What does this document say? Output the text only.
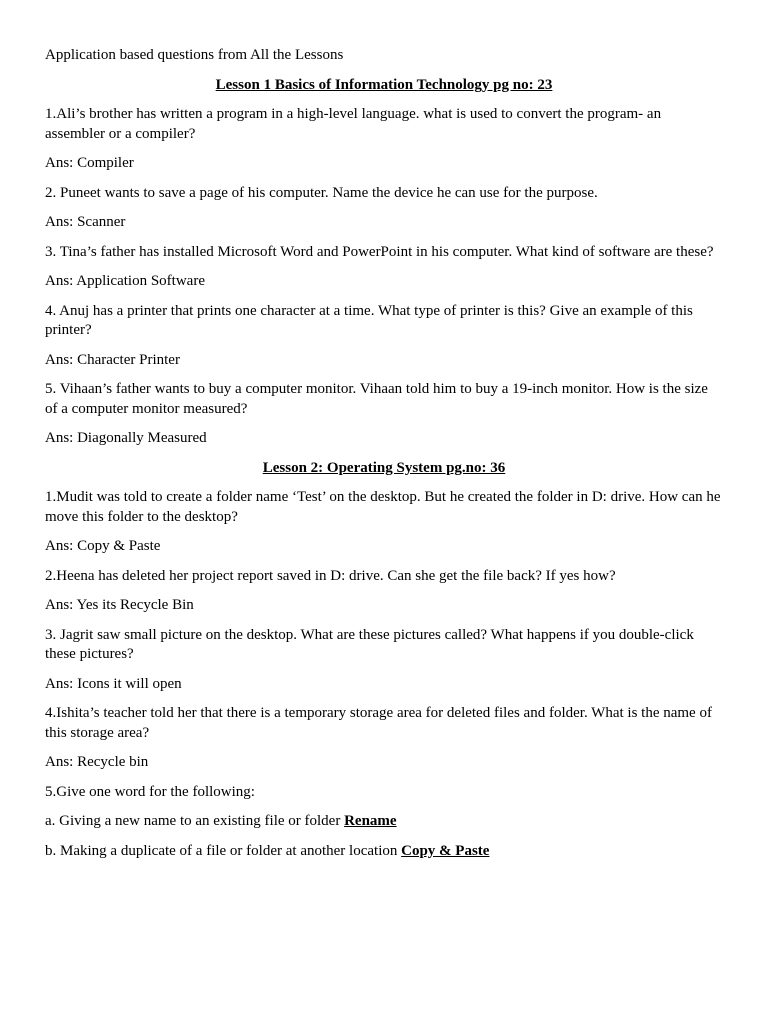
Application based questions from All the Lessons

Lesson 1 Basics of Information Technology pg no: 23

1.Ali’s brother has written a program in a high-level language. what is used to convert the program- an assembler or a compiler?

Ans: Compiler

2. Puneet wants to save a page of his computer. Name the device he can use for the purpose.

Ans: Scanner

3. Tina’s father has installed Microsoft Word and PowerPoint in his computer. What kind of software are these?

Ans: Application Software

4. Anuj has a printer that prints one character at a time. What type of printer is this? Give an example of this printer?

Ans: Character Printer

5. Vihaan’s father wants to buy a computer monitor. Vihaan told him to buy a 19-inch monitor. How is the size of a computer monitor measured?

Ans: Diagonally Measured

Lesson 2: Operating System pg.no: 36

1.Mudit was told to create a folder name ‘Test’ on the desktop. But he created the folder in D: drive. How can he move this folder to the desktop?

Ans: Copy & Paste

2.Heena has deleted her project report saved in D: drive. Can she get the file back? If yes how?

Ans: Yes its Recycle Bin

3. Jagrit saw small picture on the desktop. What are these pictures called? What happens if you double-click these pictures?

Ans: Icons it will open

4.Ishita’s teacher told her that there is a temporary storage area for deleted files and folder. What is the name of this storage area?

Ans: Recycle bin

5.Give one word for the following:

a. Giving a new name to an existing file or folder Rename

b. Making a duplicate of a file or folder at another location Copy & Paste
